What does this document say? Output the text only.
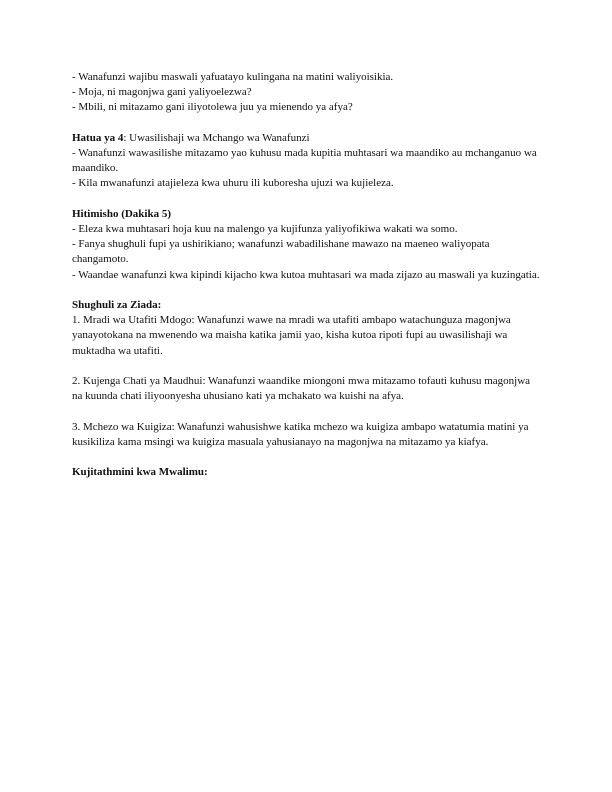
- Wanafunzi wajibu maswali yafuatayo kulingana na matini waliyoisikia.
- Moja, ni magonjwa gani yaliyoelezwa?
- Mbili, ni mitazamo gani iliyotolewa juu ya mienendo ya afya?
Hatua ya 4: Uwasilishaji wa Mchango wa Wanafunzi
- Wanafunzi wawasilishe mitazamo yao kuhusu mada kupitia muhtasari wa maandiko au mchanganuo wa maandiko.
- Kila mwanafunzi atajieleza kwa uhuru ili kuboresha ujuzi wa kujieleza.
Hitimisho (Dakika 5)
- Eleza kwa muhtasari hoja kuu na malengo ya kujifunza yaliyofikiwa wakati wa somo.
- Fanya shughuli fupi ya ushirikiano; wanafunzi wabadilishane mawazo na maeneo waliyopata changamoto.
- Waandae wanafunzi kwa kipindi kijacho kwa kutoa muhtasari wa mada zijazo au maswali ya kuzingatia.
Shughuli za Ziada:
1. Mradi wa Utafiti Mdogo: Wanafunzi wawe na mradi wa utafiti ambapo watachunguza magonjwa yanayotokana na mwenendo wa maisha katika jamii yao, kisha kutoa ripoti fupi au uwasilishaji wa muktadha wa utafiti.
2. Kujenga Chati ya Maudhui: Wanafunzi waandike miongoni mwa mitazamo tofauti kuhusu magonjwa na kuunda chati iliyoonyesha uhusiano kati ya mchakato wa kuishi na afya.
3. Mchezo wa Kuigiza: Wanafunzi wahusishwe katika mchezo wa kuigiza ambapo watatumia matini ya kusikiliza kama msingi wa kuigiza masuala yahusianayo na magonjwa na mitazamo ya kiafya.
Kujitathmini kwa Mwalimu:
